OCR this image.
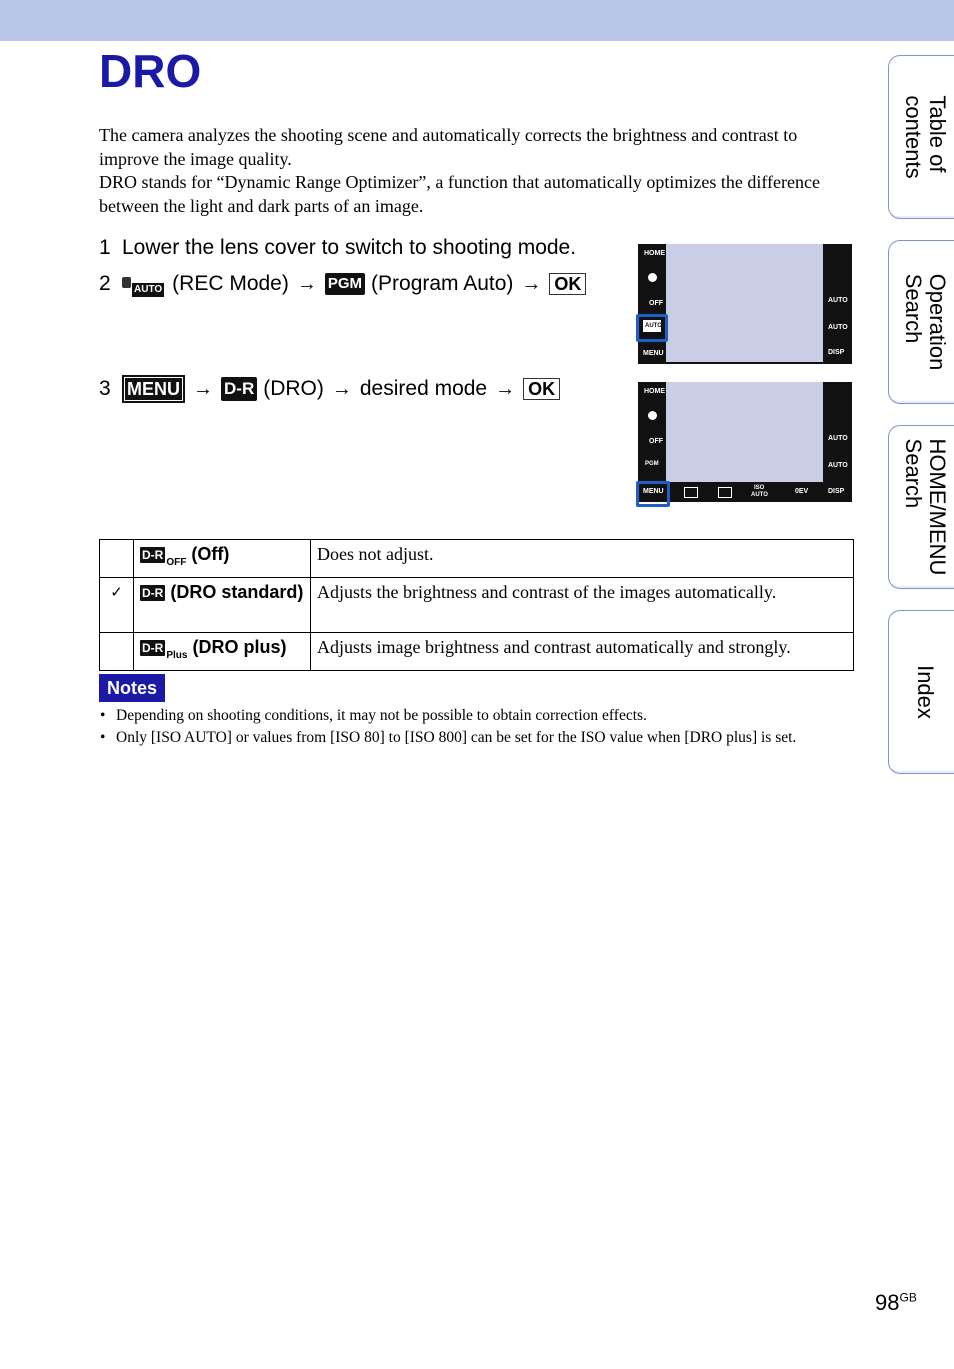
DRO
The camera analyzes the shooting scene and automatically corrects the brightness and contrast to improve the image quality.
DRO stands for “Dynamic Range Optimizer”, a function that automatically optimizes the difference between the light and dark parts of an image.
1 Lower the lens cover to switch to shooting mode.
2	AUTO (REC Mode) → PGM (Program Auto) → OK
3 MENU → D-R (DRO) → desired mode → OK
HOME
OFF
AUTO
MENU
AUTO
AUTO
DISP
HOME
OFF
PGM
MENU	ISO
AUTO	0EV
AUTO
AUTO
DISP
	$D-R_{OFF}$ (Off)	Does not adjust.
✓	D-R (DRO standard)	Adjusts the brightness and contrast of the images automatically.
	$D-R_{Plus}$ (DRO plus)	Adjusts image brightness and contrast automatically and strongly.
Notes
• Depending on shooting conditions, it may not be possible to obtain correction effects.
• Only [ISO AUTO] or values from [ISO 80] to [ISO 800] can be set for the ISO value when [DRO plus] is set.
Table of
contents
Operation
Search
HOME/MENU
Search
Index
$98^{GB}$
